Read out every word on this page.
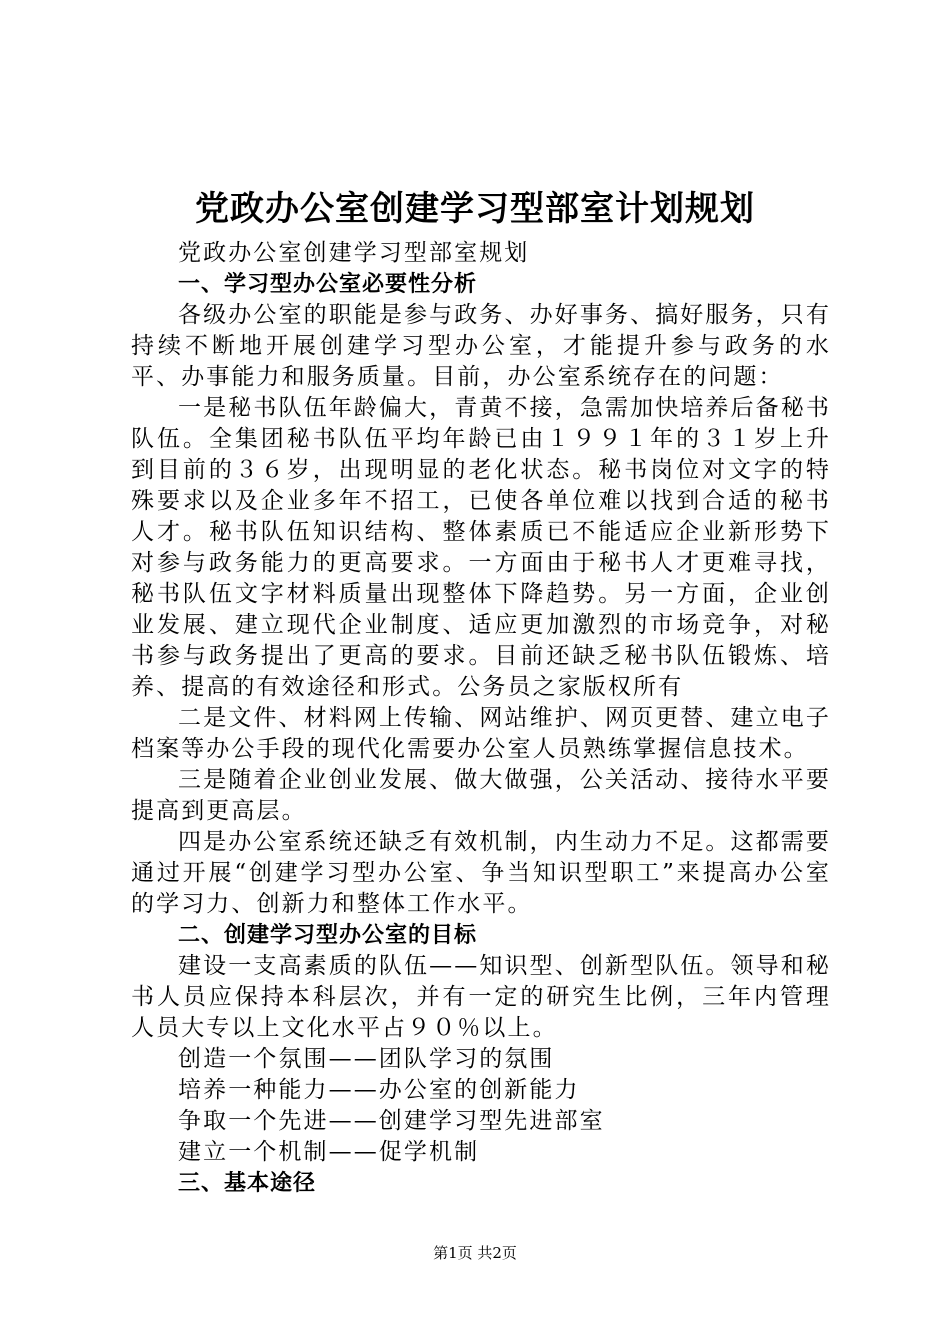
党政办公室创建学习型部室计划规划

党政办公室创建学习型部室规划

一、学习型办公室必要性分析

各级办公室的职能是参与政务、办好事务、搞好服务，只有持续不断地开展创建学习型办公室，才能提升参与政务的水平、办事能力和服务质量。目前，办公室系统存在的问题：

一是秘书队伍年龄偏大，青黄不接，急需加快培养后备秘书队伍。全集团秘书队伍平均年龄已由１９９１年的３１岁上升到目前的３６岁，出现明显的老化状态。秘书岗位对文字的特殊要求以及企业多年不招工，已使各单位难以找到合适的秘书人才。秘书队伍知识结构、整体素质已不能适应企业新形势下对参与政务能力的更高要求。一方面由于秘书人才更难寻找，秘书队伍文字材料质量出现整体下降趋势。另一方面，企业创业发展、建立现代企业制度、适应更加激烈的市场竞争，对秘书参与政务提出了更高的要求。目前还缺乏秘书队伍锻炼、培养、提高的有效途径和形式。公务员之家版权所有

二是文件、材料网上传输、网站维护、网页更替、建立电子档案等办公手段的现代化需要办公室人员熟练掌握信息技术。

三是随着企业创业发展、做大做强，公关活动、接待水平要提高到更高层。

四是办公室系统还缺乏有效机制，内生动力不足。这都需要通过开展“创建学习型办公室、争当知识型职工”来提高办公室的学习力、创新力和整体工作水平。

二、创建学习型办公室的目标

建设一支高素质的队伍——知识型、创新型队伍。领导和秘书人员应保持本科层次，并有一定的研究生比例，三年内管理人员大专以上文化水平占９０％以上。

创造一个氛围——团队学习的氛围

培养一种能力——办公室的创新能力

争取一个先进——创建学习型先进部室

建立一个机制——促学机制

三、基本途径

第1页 共2页
